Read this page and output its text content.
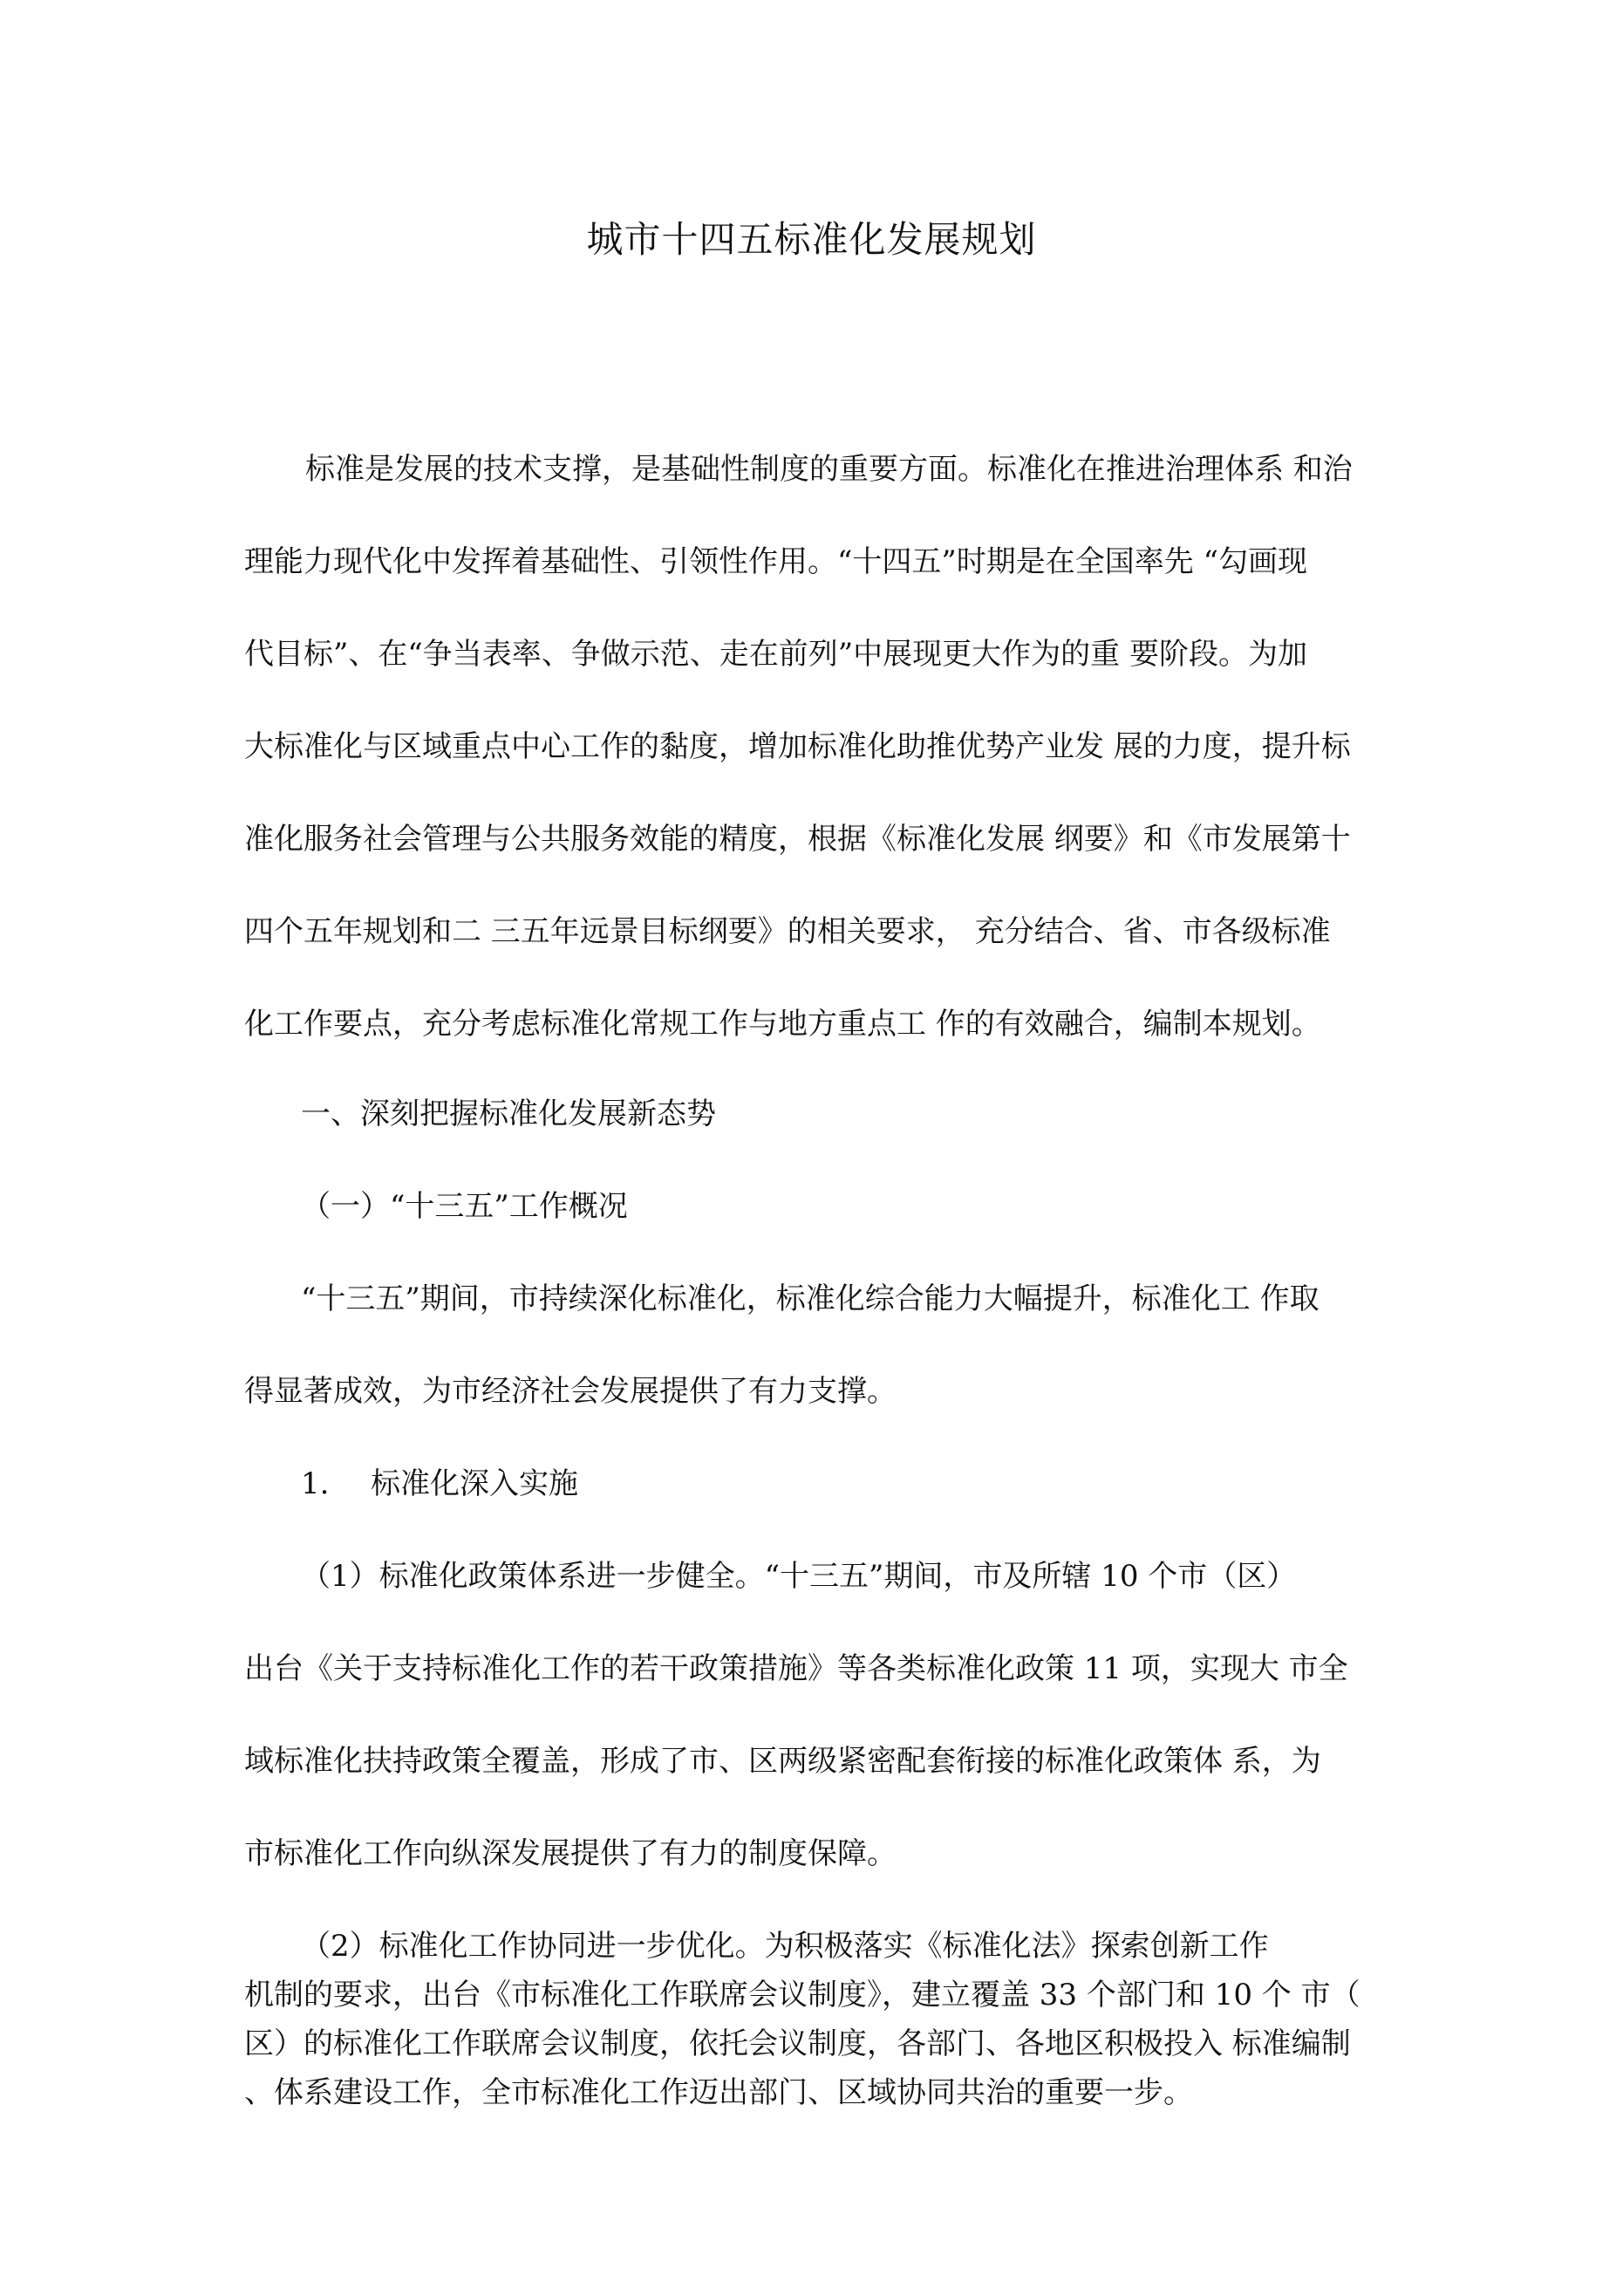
城市十四五标准化发展规划
标准是发展的技术支撑，是基础性制度的重要方面。标准化在推进治理体系 和治
理能力现代化中发挥着基础性、引领性作用。“十四五”时期是在全国率先 “勾画现
代目标”、在“争当表率、争做示范、走在前列”中展现更大作为的重 要阶段。为加
大标准化与区域重点中心工作的黏度，增加标准化助推优势产业发 展的力度，提升标
准化服务社会管理与公共服务效能的精度，根据《标准化发展 纲要》和《市发展第十
四个五年规划和二 三五年远景目标纲要》的相关要求， 充分结合、省、市各级标准
化工作要点，充分考虑标准化常规工作与地方重点工 作的有效融合，编制本规划。
一、深刻把握标准化发展新态势
（一）“十三五”工作概况
“十三五”期间，市持续深化标准化，标准化综合能力大幅提升，标准化工 作取
得显著成效，为市经济社会发展提供了有力支撑。
1. 标准化深入实施
（1）标准化政策体系进一步健全。“十三五”期间，市及所辖 10 个市（区）
出台《关于支持标准化工作的若干政策措施》等各类标准化政策 11 项，实现大 市全
域标准化扶持政策全覆盖，形成了市、区两级紧密配套衔接的标准化政策体 系，为
市标准化工作向纵深发展提供了有力的制度保障。
（2）标准化工作协同进一步优化。为积极落实《标准化法》探索创新工作
机制的要求，出台《市标准化工作联席会议制度》，建立覆盖 33 个部门和 10 个 市（
区）的标准化工作联席会议制度，依托会议制度，各部门、各地区积极投入 标准编制
、体系建设工作，全市标准化工作迈出部门、区域协同共治的重要一步。
